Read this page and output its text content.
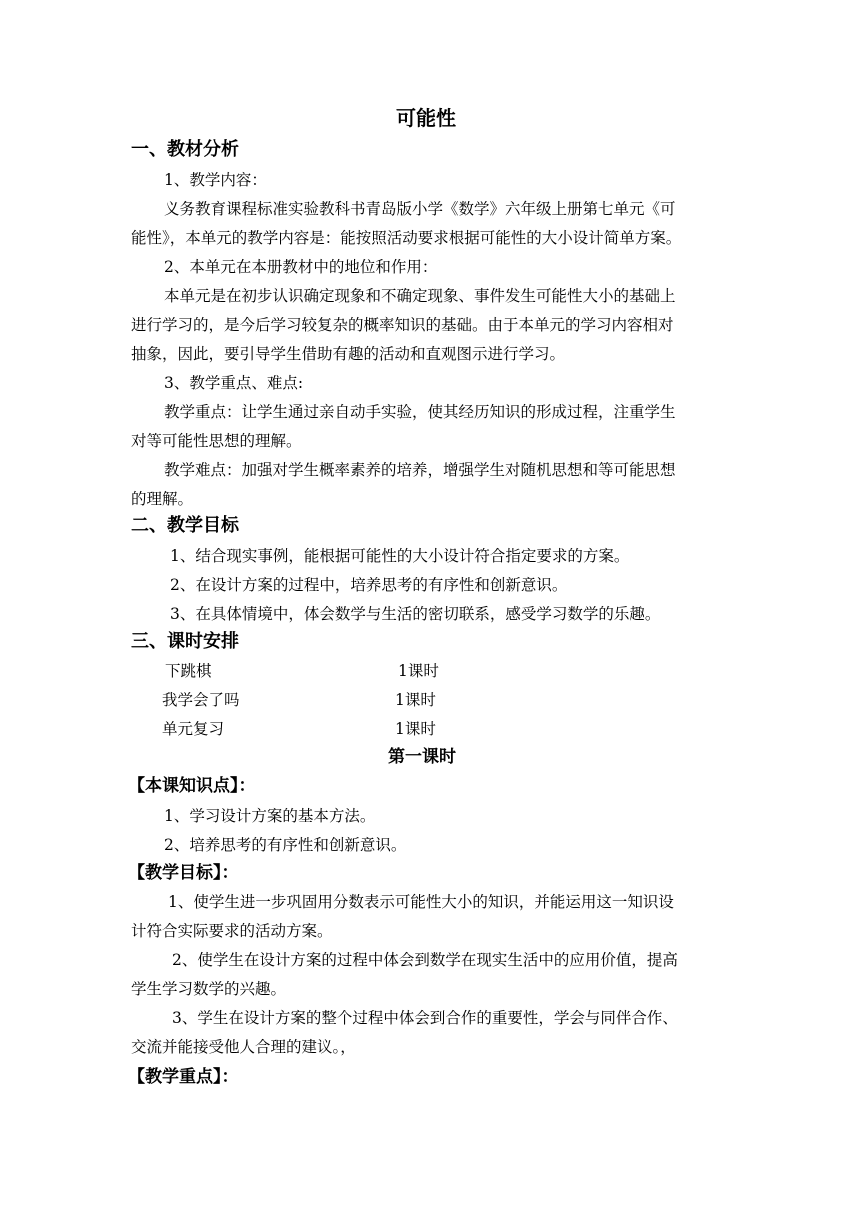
可能性
一、教材分析
1、教学内容：
义务教育课程标准实验教科书青岛版小学《数学》六年级上册第七单元《可
能性》，本单元的教学内容是：能按照活动要求根据可能性的大小设计简单方案。
2、本单元在本册教材中的地位和作用：
本单元是在初步认识确定现象和不确定现象、事件发生可能性大小的基础上
进行学习的，是今后学习较复杂的概率知识的基础。由于本单元的学习内容相对
抽象，因此，要引导学生借助有趣的活动和直观图示进行学习。
3、教学重点、难点:
教学重点：让学生通过亲自动手实验，使其经历知识的形成过程，注重学生
对等可能性思想的理解。
教学难点：加强对学生概率素养的培养，增强学生对随机思想和等可能思想
的理解。
二、教学目标
1、结合现实事例，能根据可能性的大小设计符合指定要求的方案。
2、在设计方案的过程中，培养思考的有序性和创新意识。
3、在具体情境中，体会数学与生活的密切联系，感受学习数学的乐趣。
三、课时安排
下跳棋	1课时
我学会了吗	1课时
单元复习	1课时
第一课时
【本课知识点】：
1、学习设计方案的基本方法。
2、培养思考的有序性和创新意识。
【教学目标】：
1、使学生进一步巩固用分数表示可能性大小的知识，并能运用这一知识设
计符合实际要求的活动方案。
2、使学生在设计方案的过程中体会到数学在现实生活中的应用价值，提高
学生学习数学的兴趣。
3、学生在设计方案的整个过程中体会到合作的重要性，学会与同伴合作、
交流并能接受他人合理的建议。，
【教学重点】：
